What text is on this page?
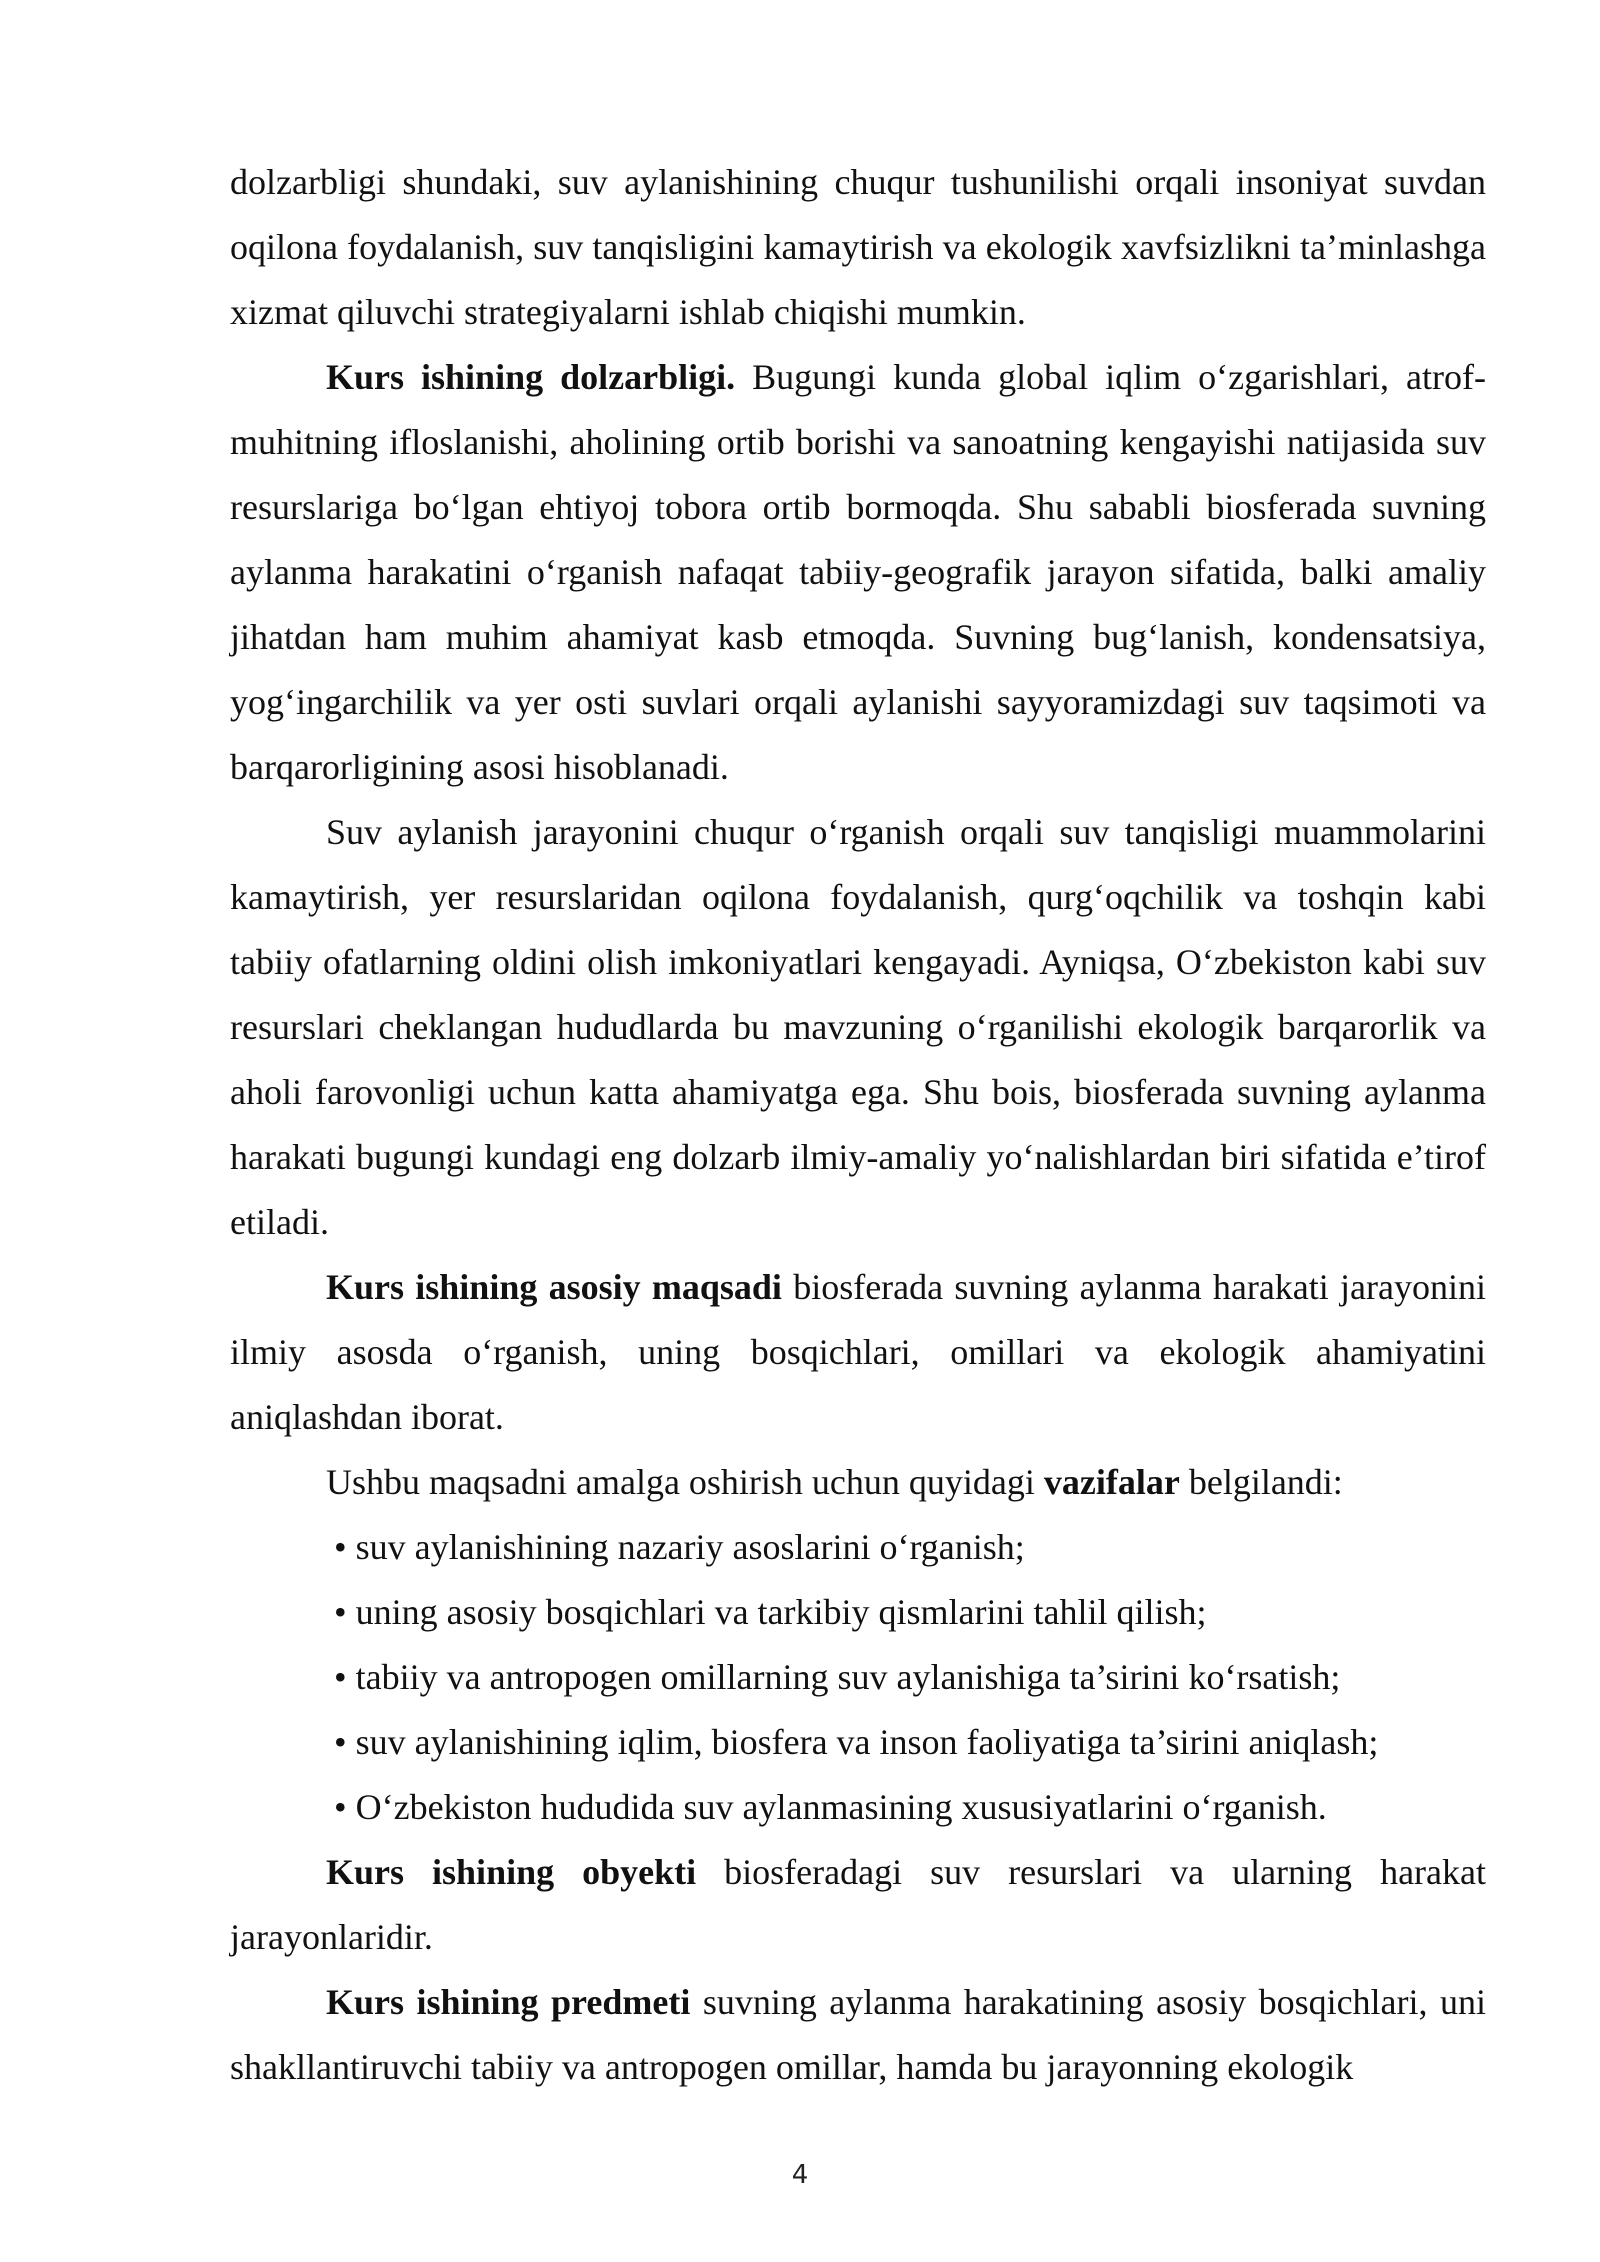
dolzarbligi shundaki, suv aylanishining chuqur tushunilishi orqali insoniyat suvdan oqilona foydalanish, suv tanqisligini kamaytirish va ekologik xavfsizlikni ta’minlashga xizmat qiluvchi strategiyalarni ishlab chiqishi mumkin.

Kurs ishining dolzarbligi. Bugungi kunda global iqlim o‘zgarishlari, atrof-muhitning ifloslanishi, aholining ortib borishi va sanoatning kengayishi natijasida suv resurslariga bo‘lgan ehtiyoj tobora ortib bormoqda. Shu sababli biosferada suvning aylanma harakatini o‘rganish nafaqat tabiiy-geografik jarayon sifatida, balki amaliy jihatdan ham muhim ahamiyat kasb etmoqda. Suvning bug‘lanish, kondensatsiya, yog‘ingarchilik va yer osti suvlari orqali aylanishi sayyoramizdagi suv taqsimoti va barqarorligining asosi hisoblanadi.

Suv aylanish jarayonini chuqur o‘rganish orqali suv tanqisligi muammolarini kamaytirish, yer resurslaridan oqilona foydalanish, qurg‘oqchilik va toshqin kabi tabiiy ofatlarning oldini olish imkoniyatlari kengayadi. Ayniqsa, O‘zbekiston kabi suv resurslari cheklangan hududlarda bu mavzuning o‘rganilishi ekologik barqarorlik va aholi farovonligi uchun katta ahamiyatga ega. Shu bois, biosferada suvning aylanma harakati bugungi kundagi eng dolzarb ilmiy-amaliy yo‘nalishlardan biri sifatida e’tirof etiladi.

Kurs ishining asosiy maqsadi biosferada suvning aylanma harakati jarayonini ilmiy asosda o‘rganish, uning bosqichlari, omillari va ekologik ahamiyatini aniqlashdan iborat.

Ushbu maqsadni amalga oshirish uchun quyidagi vazifalar belgilandi:

• suv aylanishining nazariy asoslarini o‘rganish;

• uning asosiy bosqichlari va tarkibiy qismlarini tahlil qilish;

• tabiiy va antropogen omillarning suv aylanishiga ta’sirini ko‘rsatish;

• suv aylanishining iqlim, biosfera va inson faoliyatiga ta’sirini aniqlash;

• O‘zbekiston hududida suv aylanmasining xususiyatlarini o‘rganish.

Kurs ishining obyekti biosferadagi suv resurslari va ularning harakat jarayonlaridir.

Kurs ishining predmeti suvning aylanma harakatining asosiy bosqichlari, uni shakllantiruvchi tabiiy va antropogen omillar, hamda bu jarayonning ekologik

4
